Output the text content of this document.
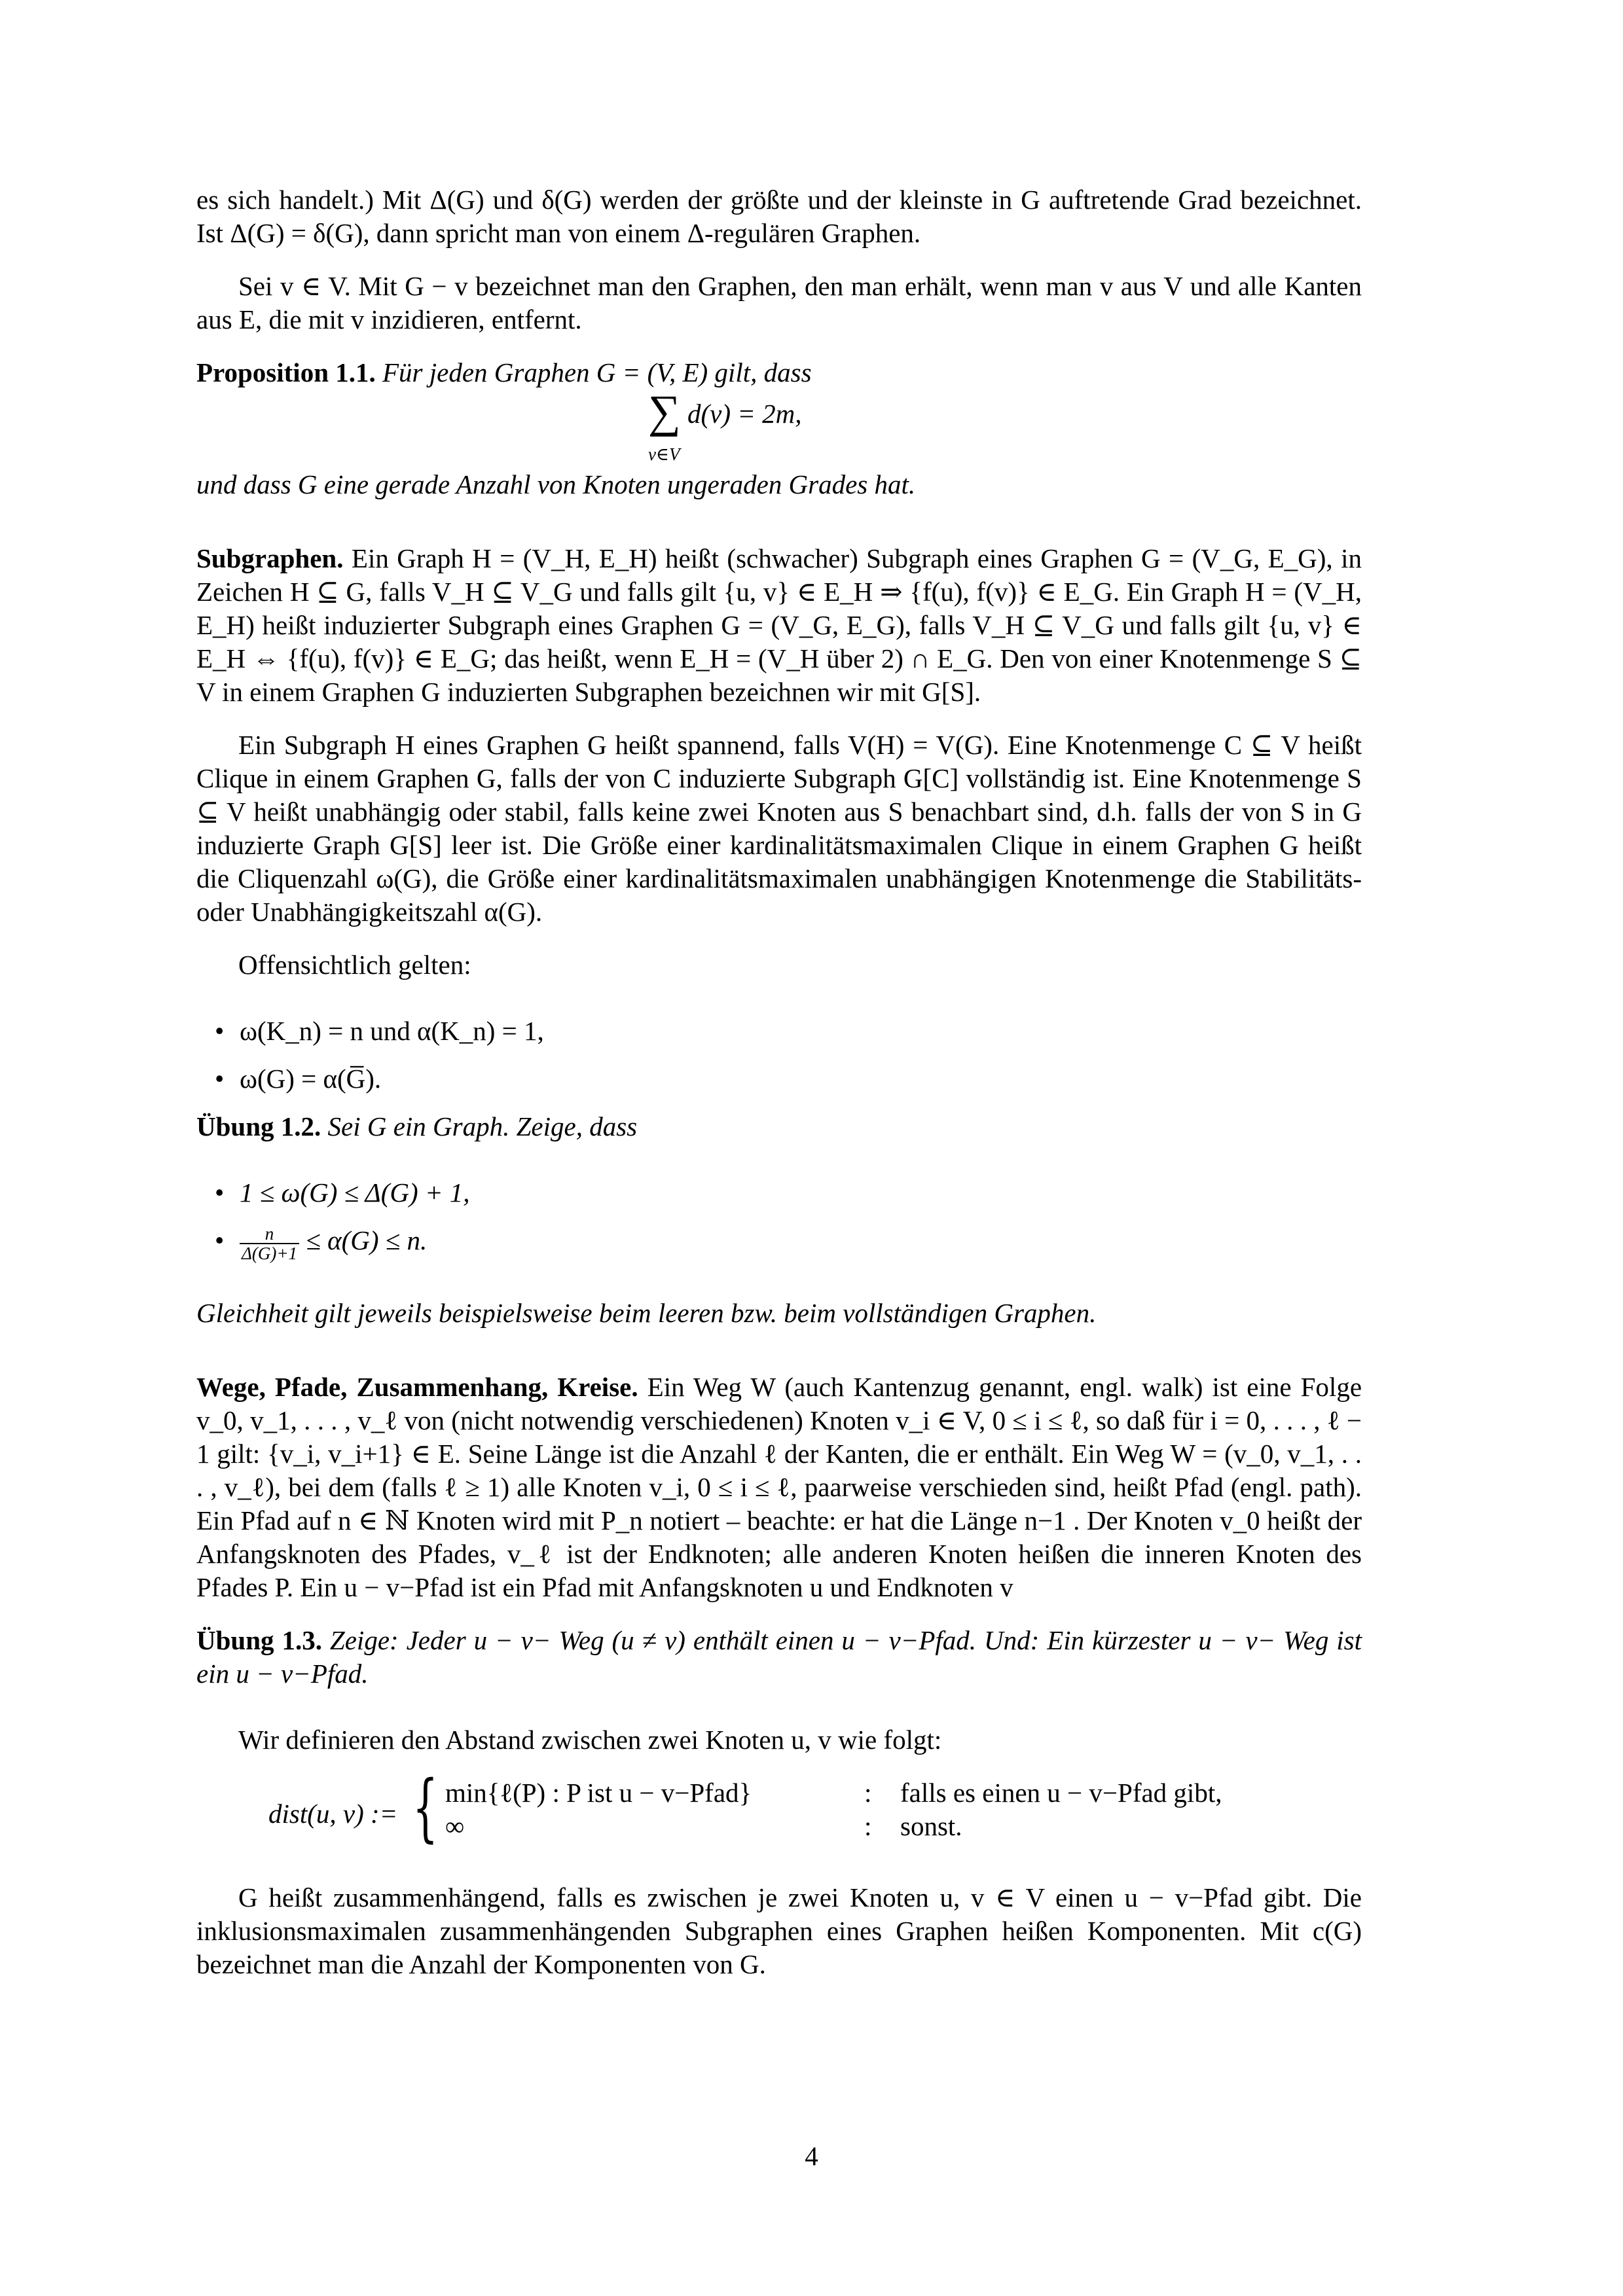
es sich handelt.) Mit Δ(G) und δ(G) werden der größte und der kleinste in G auftretende Grad bezeichnet. Ist Δ(G) = δ(G), dann spricht man von einem Δ-regulären Graphen.

Sei v ∈ V. Mit G − v bezeichnet man den Graphen, den man erhält, wenn man v aus V und alle Kanten aus E, die mit v inzidieren, entfernt.

Proposition 1.1. Für jeden Graphen G = (V, E) gilt, dass

∑
v∈V
d(v) = 2m,

und dass G eine gerade Anzahl von Knoten ungeraden Grades hat.

Subgraphen. Ein Graph H = (V_H, E_H) heißt (schwacher) Subgraph eines Graphen G = (V_G, E_G), in Zeichen H ⊆ G, falls V_H ⊆ V_G und falls gilt {u, v} ∈ E_H ⇒ {f(u), f(v)} ∈ E_G. Ein Graph H = (V_H, E_H) heißt induzierter Subgraph eines Graphen G = (V_G, E_G), falls V_H ⊆ V_G und falls gilt {u, v} ∈ E_H ⇔ {f(u), f(v)} ∈ E_G; das heißt, wenn E_H = (V_H über 2) ∩ E_G. Den von einer Knotenmenge S ⊆ V in einem Graphen G induzierten Subgraphen bezeichnen wir mit G[S].

Ein Subgraph H eines Graphen G heißt spannend, falls V(H) = V(G). Eine Knotenmenge C ⊆ V heißt Clique in einem Graphen G, falls der von C induzierte Subgraph G[C] vollständig ist. Eine Knotenmenge S ⊆ V heißt unabhängig oder stabil, falls keine zwei Knoten aus S benachbart sind, d.h. falls der von S in G induzierte Graph G[S] leer ist. Die Größe einer kardinalitätsmaximalen Clique in einem Graphen G heißt die Cliquenzahl ω(G), die Größe einer kardinalitätsmaximalen unabhängigen Knotenmenge die Stabilitäts- oder Unabhängigkeitszahl α(G).

Offensichtlich gelten:

• ω(K_n) = n und α(K_n) = 1,
• ω(G) = α(G̅).

Übung 1.2. Sei G ein Graph. Zeige, dass

• 1 ≤ ω(G) ≤ Δ(G) + 1,
• $\frac{n}{\Delta(G)+1} \le \alpha(G) \le n$.

Gleichheit gilt jeweils beispielsweise beim leeren bzw. beim vollständigen Graphen.

Wege, Pfade, Zusammenhang, Kreise. Ein Weg W (auch Kantenzug genannt, engl. walk) ist eine Folge v_0, v_1, . . . , v_ℓ von (nicht notwendig verschiedenen) Knoten v_i ∈ V, 0 ≤ i ≤ ℓ, so daß für i = 0, . . . , ℓ − 1 gilt: {v_i, v_i+1} ∈ E. Seine Länge ist die Anzahl ℓ der Kanten, die er enthält. Ein Weg W = (v_0, v_1, . . . , v_ℓ), bei dem (falls ℓ ≥ 1) alle Knoten v_i, 0 ≤ i ≤ ℓ, paarweise verschieden sind, heißt Pfad (engl. path). Ein Pfad auf n ∈ ℕ Knoten wird mit P_n notiert – beachte: er hat die Länge n−1 . Der Knoten v_0 heißt der Anfangsknoten des Pfades, v_ℓ ist der Endknoten; alle anderen Knoten heißen die inneren Knoten des Pfades P. Ein u − v−Pfad ist ein Pfad mit Anfangsknoten u und Endknoten v

Übung 1.3. Zeige: Jeder u − v− Weg (u ≠ v) enthält einen u − v−Pfad. Und: Ein kürzester u − v− Weg ist ein u − v−Pfad.

Wir definieren den Abstand zwischen zwei Knoten u, v wie folgt:

dist(u, v) := { min{ℓ(P) : P ist u − v−Pfad}
∞
:
:
falls es einen u − v−Pfad gibt,
sonst.

G heißt zusammenhängend, falls es zwischen je zwei Knoten u, v ∈ V einen u − v−Pfad gibt. Die inklusionsmaximalen zusammenhängenden Subgraphen eines Graphen heißen Komponenten. Mit c(G) bezeichnet man die Anzahl der Komponenten von G.

4
